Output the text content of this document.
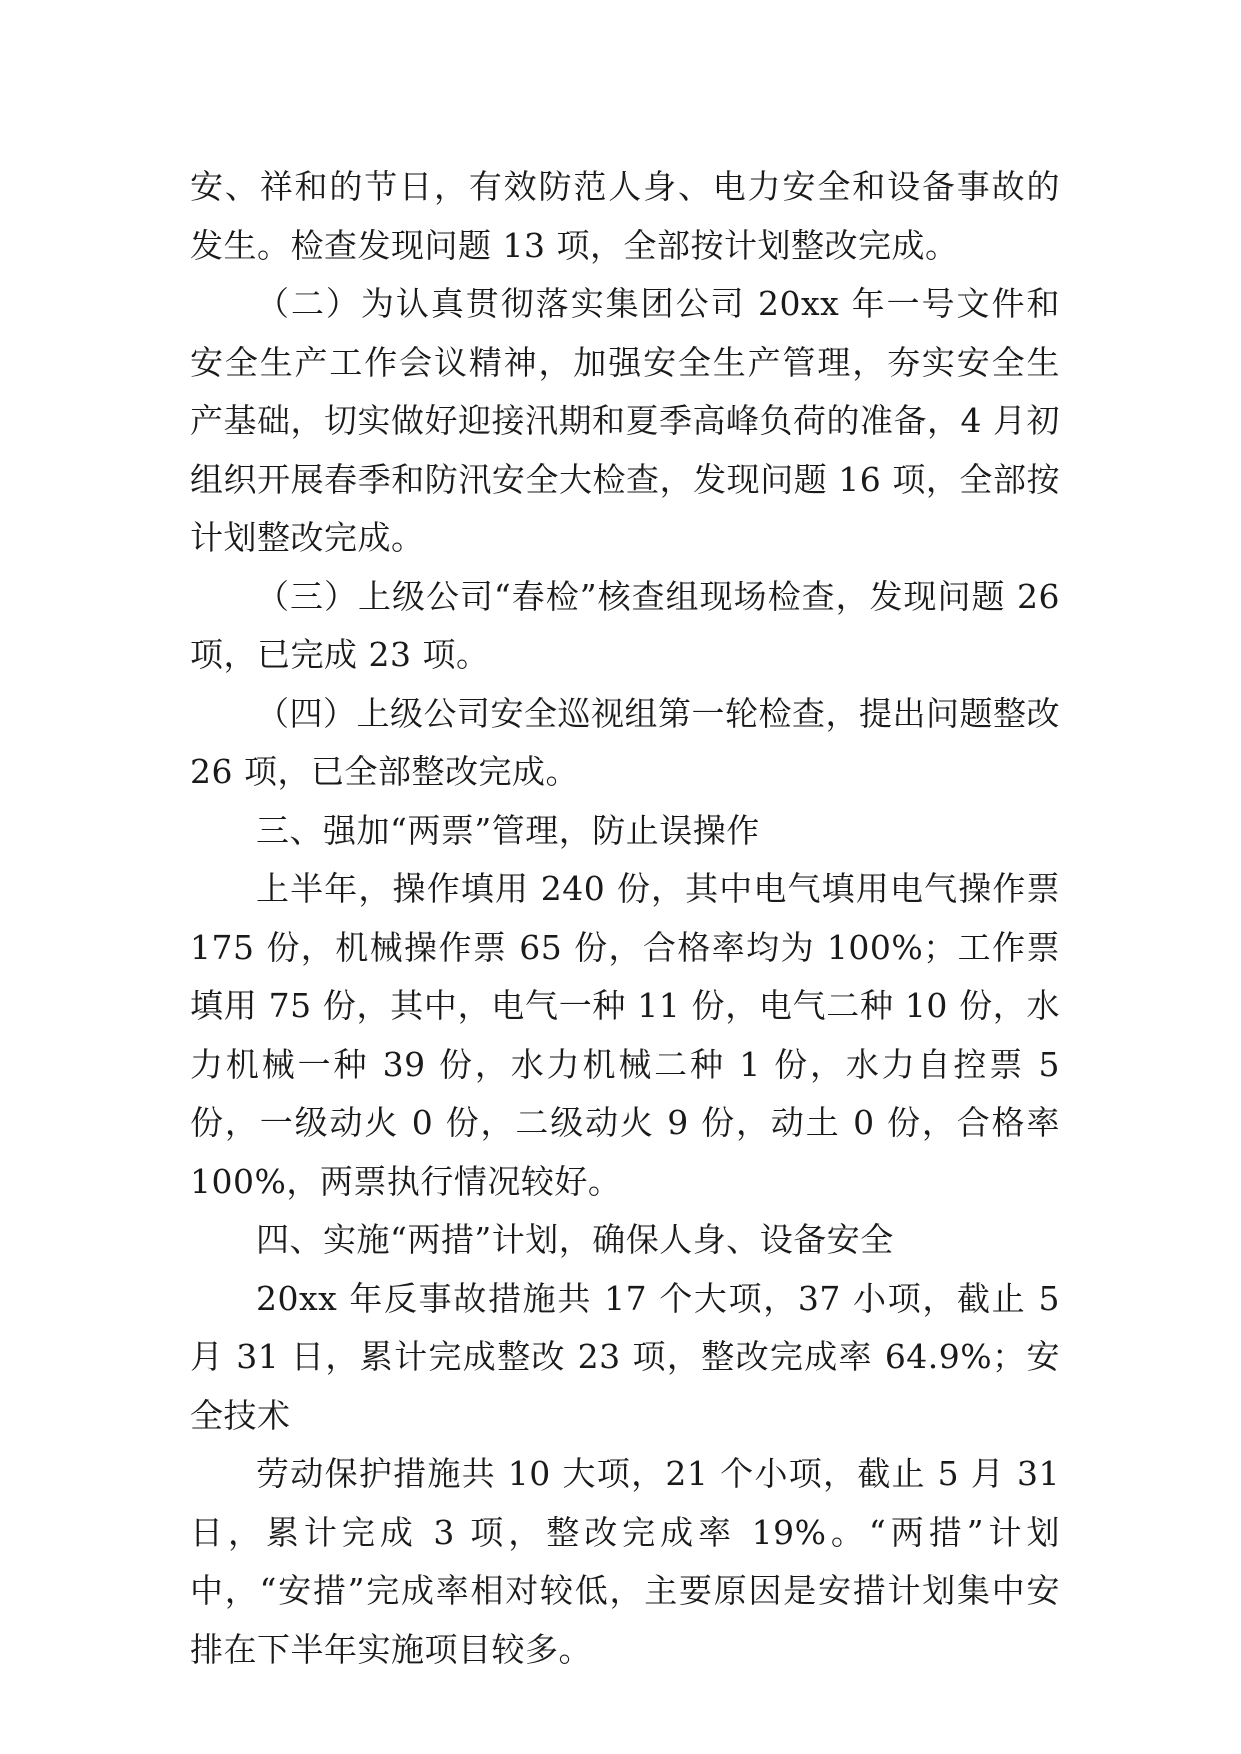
安、祥和的节日，有效防范人身、电力安全和设备事故的发生。检查发现问题 13 项，全部按计划整改完成。

（二）为认真贯彻落实集团公司 20xx 年一号文件和安全生产工作会议精神，加强安全生产管理，夯实安全生产基础，切实做好迎接汛期和夏季高峰负荷的准备，4 月初组织开展春季和防汛安全大检查，发现问题 16 项，全部按计划整改完成。

（三）上级公司“春检”核查组现场检查，发现问题 26 项，已完成 23 项。

（四）上级公司安全巡视组第一轮检查，提出问题整改 26 项，已全部整改完成。

三、强加“两票”管理，防止误操作

上半年，操作填用 240 份，其中电气填用电气操作票 175 份，机械操作票 65 份，合格率均为 100%；工作票填用 75 份，其中，电气一种 11 份，电气二种 10 份，水力机械一种 39 份，水力机械二种 1 份，水力自控票 5 份，一级动火 0 份，二级动火 9 份，动土 0 份，合格率 100%，两票执行情况较好。

四、实施“两措”计划，确保人身、设备安全

20xx 年反事故措施共 17 个大项，37 小项，截止 5 月 31 日，累计完成整改 23 项，整改完成率 64.9%；安全技术

劳动保护措施共 10 大项，21 个小项，截止 5 月 31 日，累计完成 3 项，整改完成率 19%。“两措”计划中，“安措”完成率相对较低，主要原因是安措计划集中安排在下半年实施项目较多。
